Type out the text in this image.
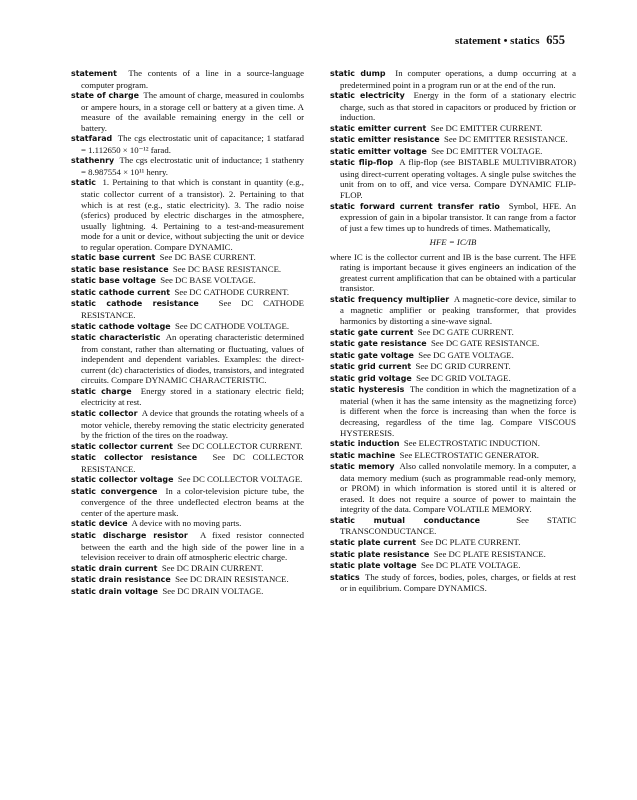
statement • statics 655

statement The contents of a line in a source-language computer program.

state of charge The amount of charge, measured in coulombs or ampere hours, in a storage cell or battery at a given time. A measure of the available remaining energy in the cell or battery.

statfarad The cgs electrostatic unit of capacitance; 1 statfarad = 1.112650 × 10⁻¹² farad.

stathenry The cgs electrostatic unit of inductance; 1 stathenry = 8.987554 × 10¹¹ henry.

static 1. Pertaining to that which is constant in quantity (e.g., static collector current of a transistor). 2. Pertaining to that which is at rest (e.g., static electricity). 3. The radio noise (sferics) produced by electric discharges in the atmosphere, usually lightning. 4. Pertaining to a test-and-measurement mode for a unit or device, without subjecting the unit or device to regular operation. Compare DYNAMIC.

static base current See DC BASE CURRENT.

static base resistance See DC BASE RESISTANCE.

static base voltage See DC BASE VOLTAGE.

static cathode current See DC CATHODE CURRENT.

static cathode resistance See DC CATHODE RESISTANCE.

static cathode voltage See DC CATHODE VOLTAGE.

static characteristic An operating characteristic determined from constant, rather than alternating or fluctuating, values of independent and dependent variables. Examples: the direct-current (dc) characteristics of diodes, transistors, and integrated circuits. Compare DYNAMIC CHARACTERISTIC.

static charge Energy stored in a stationary electric field; electricity at rest.

static collector A device that grounds the rotating wheels of a motor vehicle, thereby removing the static electricity generated by the friction of the tires on the roadway.

static collector current See DC COLLECTOR CURRENT.

static collector resistance See DC COLLECTOR RESISTANCE.

static collector voltage See DC COLLECTOR VOLTAGE.

static convergence In a color-television picture tube, the convergence of the three undeflected electron beams at the center of the aperture mask.

static device A device with no moving parts.

static discharge resistor A fixed resistor connected between the earth and the high side of the power line in a television receiver to drain off atmospheric electric charge.

static drain current See DC DRAIN CURRENT.

static drain resistance See DC DRAIN RESISTANCE.

static drain voltage See DC DRAIN VOLTAGE.

static dump In computer operations, a dump occurring at a predetermined point in a program run or at the end of the run.

static electricity Energy in the form of a stationary electric charge, such as that stored in capacitors or produced by friction or induction.

static emitter current See DC EMITTER CURRENT.

static emitter resistance See DC EMITTER RESISTANCE.

static emitter voltage See DC EMITTER VOLTAGE.

static flip-flop A flip-flop (see BISTABLE MULTIVIBRATOR) using direct-current operating voltages. A single pulse switches the unit from on to off, and vice versa. Compare DYNAMIC FLIP-FLOP.

static forward current transfer ratio Symbol, HFE. An expression of gain in a bipolar transistor. It can range from a factor of just a few times up to hundreds of times. Mathematically,

HFE = IC/IB

where IC is the collector current and IB is the base current. The HFE rating is important because it gives engineers an indication of the greatest current amplification that can be obtained with a particular transistor.

static frequency multiplier A magnetic-core device, similar to a magnetic amplifier or peaking transformer, that provides harmonics by distorting a sine-wave signal.

static gate current See DC GATE CURRENT.

static gate resistance See DC GATE RESISTANCE.

static gate voltage See DC GATE VOLTAGE.

static grid current See DC GRID CURRENT.

static grid voltage See DC GRID VOLTAGE.

static hysteresis The condition in which the magnetization of a material (when it has the same intensity as the magnetizing force) is different when the force is increasing than when the force is decreasing, regardless of the time lag. Compare VISCOUS HYSTERESIS.

static induction See ELECTROSTATIC INDUCTION.

static machine See ELECTROSTATIC GENERATOR.

static memory Also called nonvolatile memory. In a computer, a data memory medium (such as programmable read-only memory, or PROM) in which information is stored until it is altered or erased. It does not require a source of power to maintain the integrity of the data. Compare VOLATILE MEMORY.

static mutual conductance	See STATIC TRANSCONDUCTANCE.

static plate current See DC PLATE CURRENT.

static plate resistance See DC PLATE RESISTANCE.

static plate voltage See DC PLATE VOLTAGE.

statics The study of forces, bodies, poles, charges, or fields at rest or in equilibrium. Compare DYNAMICS.
